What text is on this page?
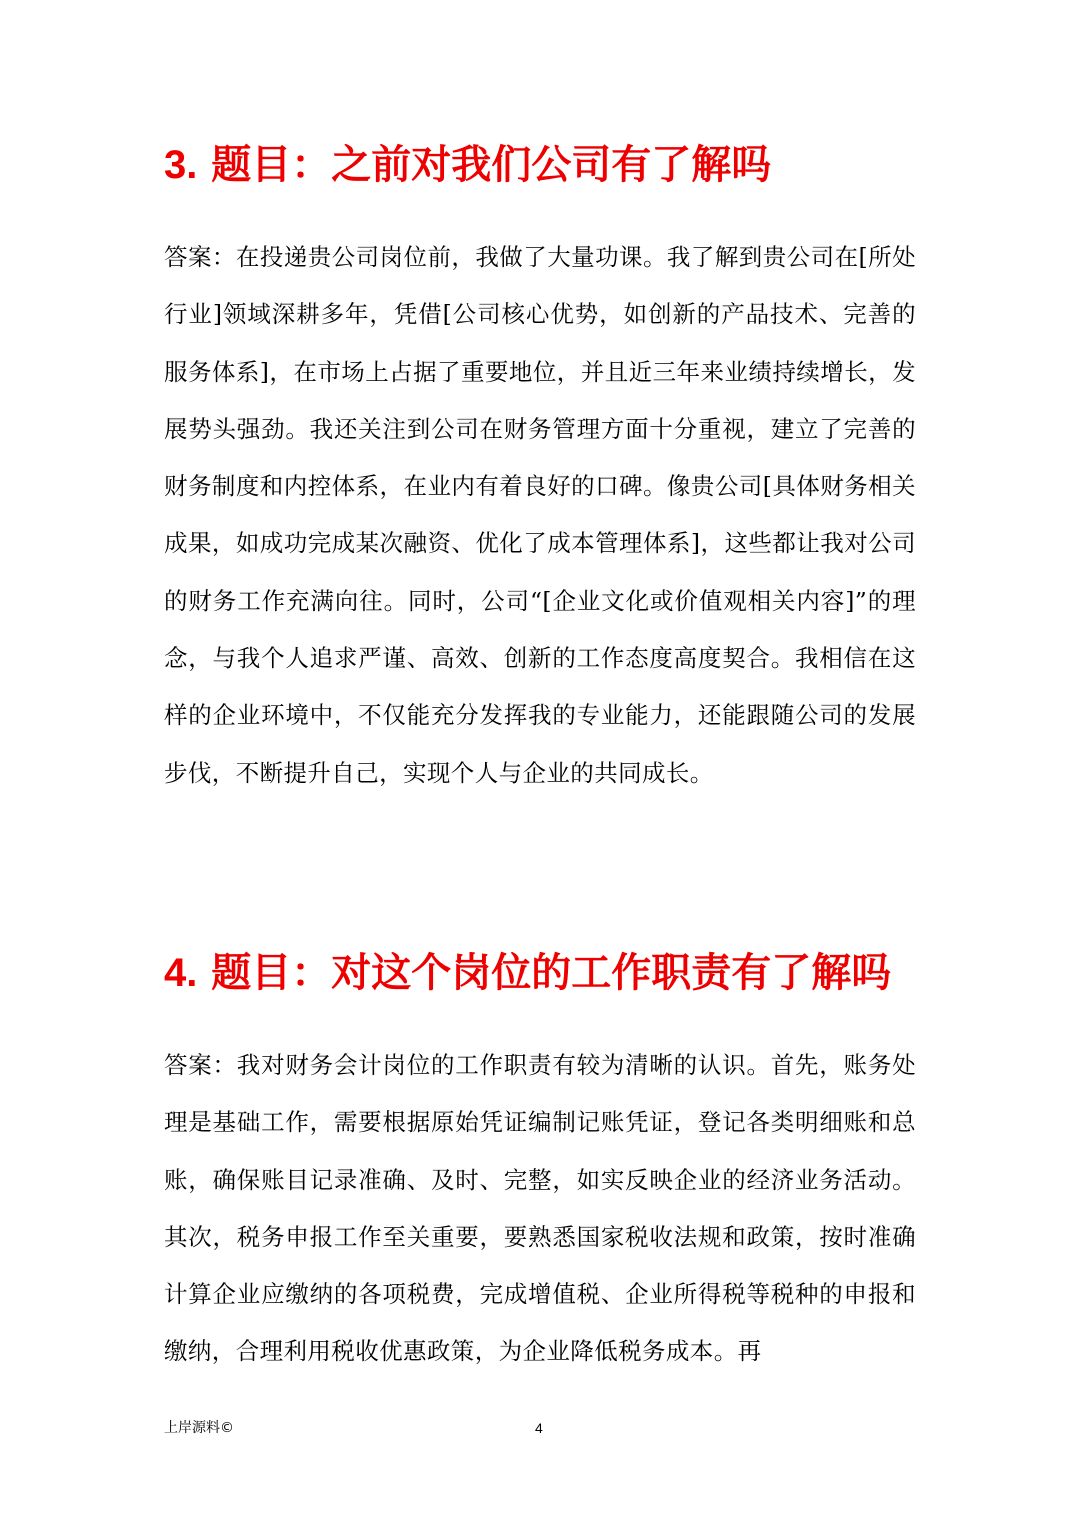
3. 题目：之前对我们公司有了解吗

答案：在投递贵公司岗位前，我做了大量功课。我了解到贵公司在[所处行业]领域深耕多年，凭借[公司核心优势，如创新的产品技术、完善的服务体系]，在市场上占据了重要地位，并且近三年来业绩持续增长，发展势头强劲。我还关注到公司在财务管理方面十分重视，建立了完善的财务制度和内控体系，在业内有着良好的口碑。像贵公司[具体财务相关成果，如成功完成某次融资、优化了成本管理体系]，这些都让我对公司的财务工作充满向往。同时，公司“[企业文化或价值观相关内容]”的理念，与我个人追求严谨、高效、创新的工作态度高度契合。我相信在这样的企业环境中，不仅能充分发挥我的专业能力，还能跟随公司的发展步伐，不断提升自己，实现个人与企业的共同成长。

4. 题目：对这个岗位的工作职责有了解吗

答案：我对财务会计岗位的工作职责有较为清晰的认识。首先，账务处理是基础工作，需要根据原始凭证编制记账凭证，登记各类明细账和总账，确保账目记录准确、及时、完整，如实反映企业的经济业务活动。其次，税务申报工作至关重要，要熟悉国家税收法规和政策，按时准确计算企业应缴纳的各项税费，完成增值税、企业所得税等税种的申报和缴纳，合理利用税收优惠政策，为企业降低税务成本。再

上岸源料©	4
